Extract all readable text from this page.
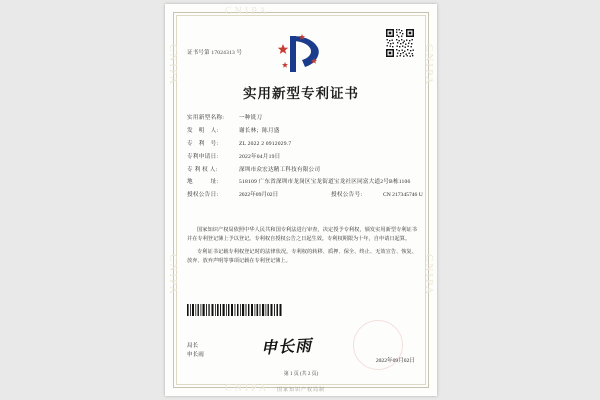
CNIPA
CNIPA
CNIPA
CNIPA
CNIPA
CNIPA
证书号第 17024313 号
实用新型专利证书
实用新型名称:	一种铣刀
发　明　人:	谢长林；陈月盛
专　利　号:	ZL 2022 2 0912029.7
专利申请日:	2022年04月19日
专 利 权 人:	深圳市众宏达精工科技有限公司
地　　　址:	518109 广东省深圳市龙岗区宝龙街道宝龙社区同富大道2号B栋1106
授权公告日:	2022年09月02日	授权公告号:	CN 217345746 U

国家知识产权局依照中华人民共和国专利法进行审查，决定授予专利权，颁发实用新型专利证书并在专利登记簿上予以登记。专利权自授权公告之日起生效。专利权期限为十年，自申请日起算。

专利证书记载专利权登记时的法律状况。专利权的转移、质押、保全、终止、无效宣告、恢复、放弃、放弃声明等事项记载在专利登记簿上。

局长
申长雨	申长雨
2022年09月02日
第 1 页 (共 2 页)
国家知识产权局制
